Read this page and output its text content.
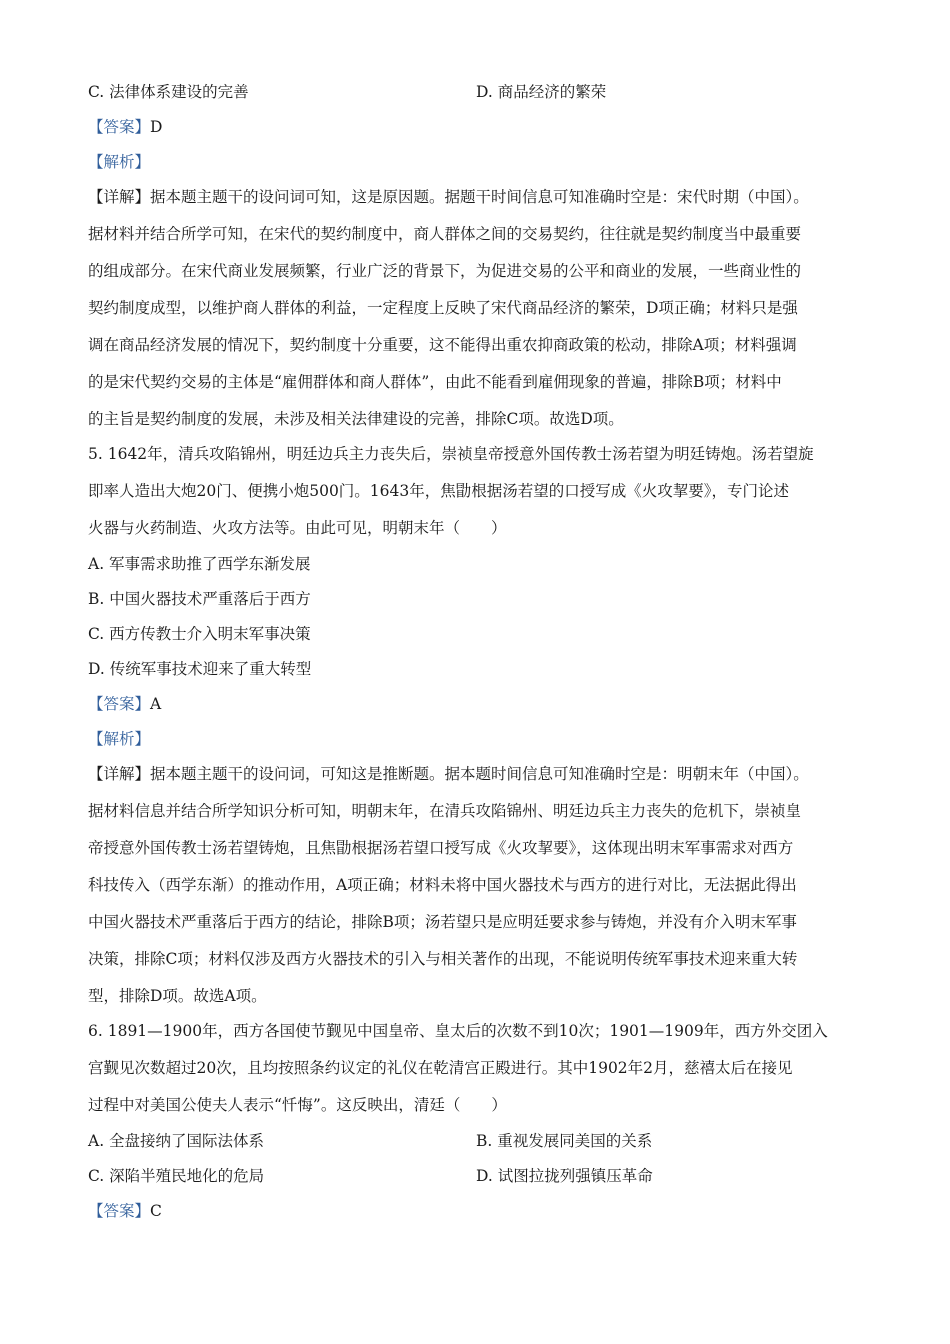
C. 法律体系建设的完善	D. 商品经济的繁荣
【答案】D
【解析】
【详解】据本题主题干的设问词可知，这是原因题。据题干时间信息可知准确时空是：宋代时期（中国）。
据材料并结合所学可知，在宋代的契约制度中，商人群体之间的交易契约，往往就是契约制度当中最重要
的组成部分。在宋代商业发展频繁，行业广泛的背景下，为促进交易的公平和商业的发展，一些商业性的
契约制度成型，以维护商人群体的利益，一定程度上反映了宋代商品经济的繁荣，D项正确；材料只是强
调在商品经济发展的情况下，契约制度十分重要，这不能得出重农抑商政策的松动，排除A项；材料强调
的是宋代契约交易的主体是“雇佣群体和商人群体”，由此不能看到雇佣现象的普遍，排除B项；材料中
的主旨是契约制度的发展，未涉及相关法律建设的完善，排除C项。故选D项。
5. 1642年，清兵攻陷锦州，明廷边兵主力丧失后，崇祯皇帝授意外国传教士汤若望为明廷铸炮。汤若望旋
即率人造出大炮20门、便携小炮500门。1643年，焦勖根据汤若望的口授写成《火攻挈要》，专门论述
火器与火药制造、火攻方法等。由此可见，明朝末年（　　）
A. 军事需求助推了西学东渐发展
B. 中国火器技术严重落后于西方
C. 西方传教士介入明末军事决策
D. 传统军事技术迎来了重大转型
【答案】A
【解析】
【详解】据本题主题干的设问词，可知这是推断题。据本题时间信息可知准确时空是：明朝末年（中国）。
据材料信息并结合所学知识分析可知，明朝末年，在清兵攻陷锦州、明廷边兵主力丧失的危机下，崇祯皇
帝授意外国传教士汤若望铸炮，且焦勖根据汤若望口授写成《火攻挈要》，这体现出明末军事需求对西方
科技传入（西学东渐）的推动作用，A项正确；材料未将中国火器技术与西方的进行对比，无法据此得出
中国火器技术严重落后于西方的结论，排除B项；汤若望只是应明廷要求参与铸炮，并没有介入明末军事
决策，排除C项；材料仅涉及西方火器技术的引入与相关著作的出现，不能说明传统军事技术迎来重大转
型，排除D项。故选A项。
6. 1891—1900年，西方各国使节觐见中国皇帝、皇太后的次数不到10次；1901—1909年，西方外交团入
宫觐见次数超过20次，且均按照条约议定的礼仪在乾清宫正殿进行。其中1902年2月，慈禧太后在接见
过程中对美国公使夫人表示“忏悔”。这反映出，清廷（　　）
A. 全盘接纳了国际法体系	B. 重视发展同美国的关系
C. 深陷半殖民地化的危局	D. 试图拉拢列强镇压革命
【答案】C
